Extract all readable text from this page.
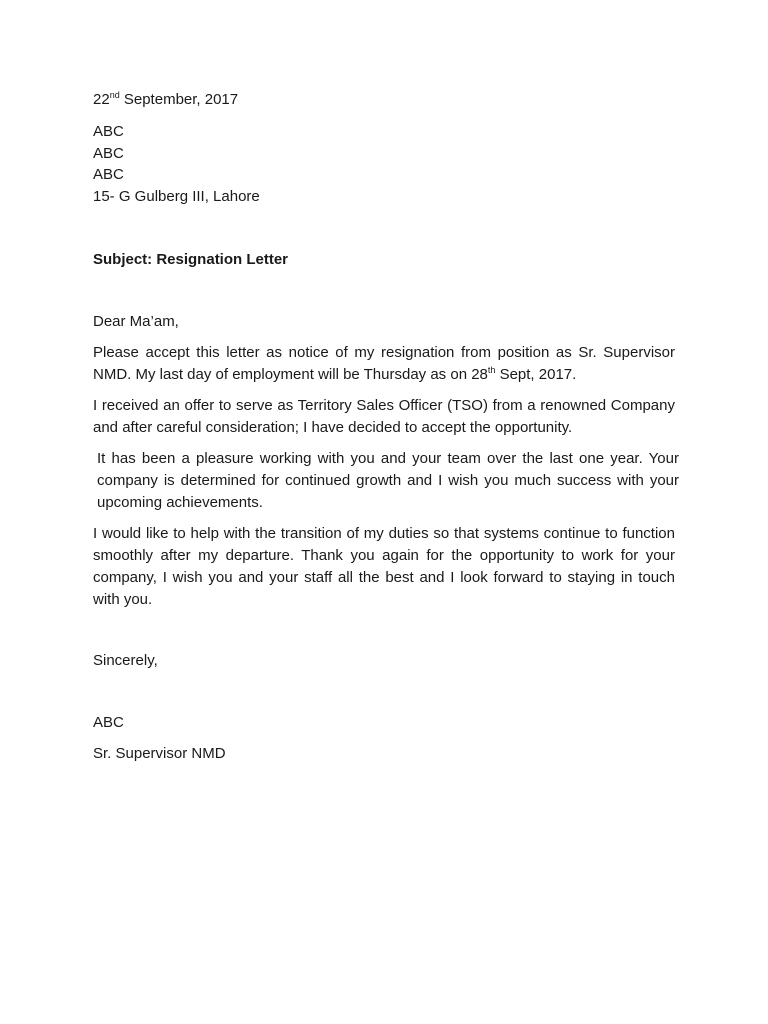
22nd September, 2017
ABC
ABC
ABC
15- G Gulberg III, Lahore
Subject: Resignation Letter
Dear Ma’am,

Please accept this letter as notice of my resignation from position as Sr. Supervisor NMD. My last day of employment will be Thursday as on 28th Sept, 2017.

I received an offer to serve as Territory Sales Officer (TSO) from a renowned Company and after careful consideration; I have decided to accept the opportunity.

It has been a pleasure working with you and your team over the last one year. Your company is determined for continued growth and I wish you much success with your upcoming achievements.

I would like to help with the transition of my duties so that systems continue to function smoothly after my departure. Thank you again for the opportunity to work for your company, I wish you and your staff all the best and I look forward to staying in touch with you.

Sincerely,
ABC
Sr. Supervisor NMD
